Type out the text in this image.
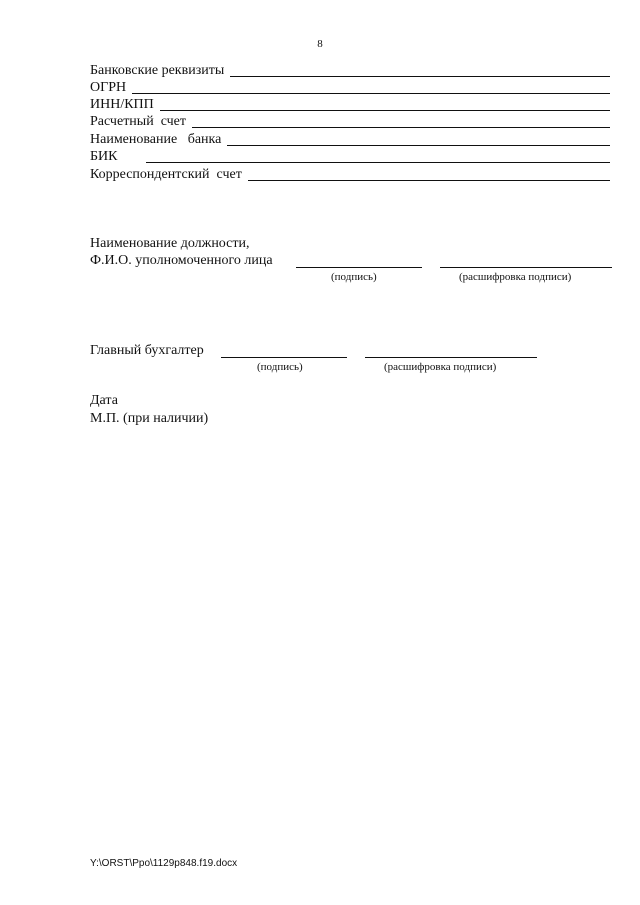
8
Банковские реквизиты
ОГРН
ИНН/КПП
Расчетный  счет
Наименование   банка
БИК
Корреспондентский  счет
Наименование должности,
Ф.И.О. уполномоченного лица
(подпись)	(расшифровка подписи)
Главный бухгалтер
(подпись)	(расшифровка подписи)
Дата
М.П. (при наличии)
Y:\ORST\Ppo\1129p848.f19.docx
